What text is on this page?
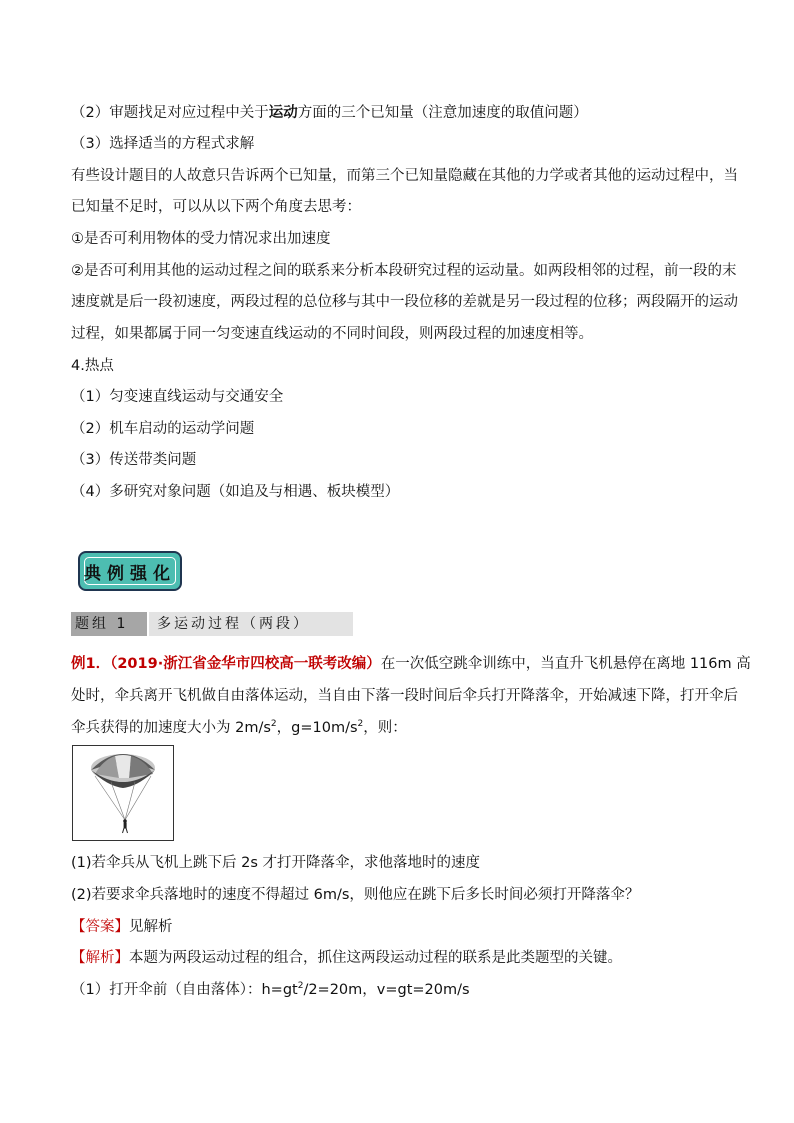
（2）审题找足对应过程中关于运动方面的三个已知量（注意加速度的取值问题）
（3）选择适当的方程式求解
有些设计题目的人故意只告诉两个已知量，而第三个已知量隐藏在其他的力学或者其他的运动过程中，当
已知量不足时，可以从以下两个角度去思考：
①是否可利用物体的受力情况求出加速度
②是否可利用其他的运动过程之间的联系来分析本段研究过程的运动量。如两段相邻的过程，前一段的末
速度就是后一段初速度，两段过程的总位移与其中一段位移的差就是另一段过程的位移；两段隔开的运动
过程，如果都属于同一匀变速直线运动的不同时间段，则两段过程的加速度相等。
4.热点
（1）匀变速直线运动与交通安全
（2）机车启动的运动学问题
（3）传送带类问题
（4）多研究对象问题（如追及与相遇、板块模型）
典例强化
题组 1	多运动过程（两段）
例1．（2019·浙江省金华市四校高一联考改编）在一次低空跳伞训练中，当直升飞机悬停在离地 116m 高
处时，伞兵离开飞机做自由落体运动，当自由下落一段时间后伞兵打开降落伞，开始减速下降，打开伞后
伞兵获得的加速度大小为 $2m/s^2$，$g=10m/s^2$，则：
(1)若伞兵从飞机上跳下后 2s 才打开降落伞，求他落地时的速度
(2)若要求伞兵落地时的速度不得超过 6m/s，则他应在跳下后多长时间必须打开降落伞？
【答案】见解析
【解析】本题为两段运动过程的组合，抓住这两段运动过程的联系是此类题型的关键。
（1）打开伞前（自由落体）：$h=gt^2/2=20m$，v=gt=20m/s
